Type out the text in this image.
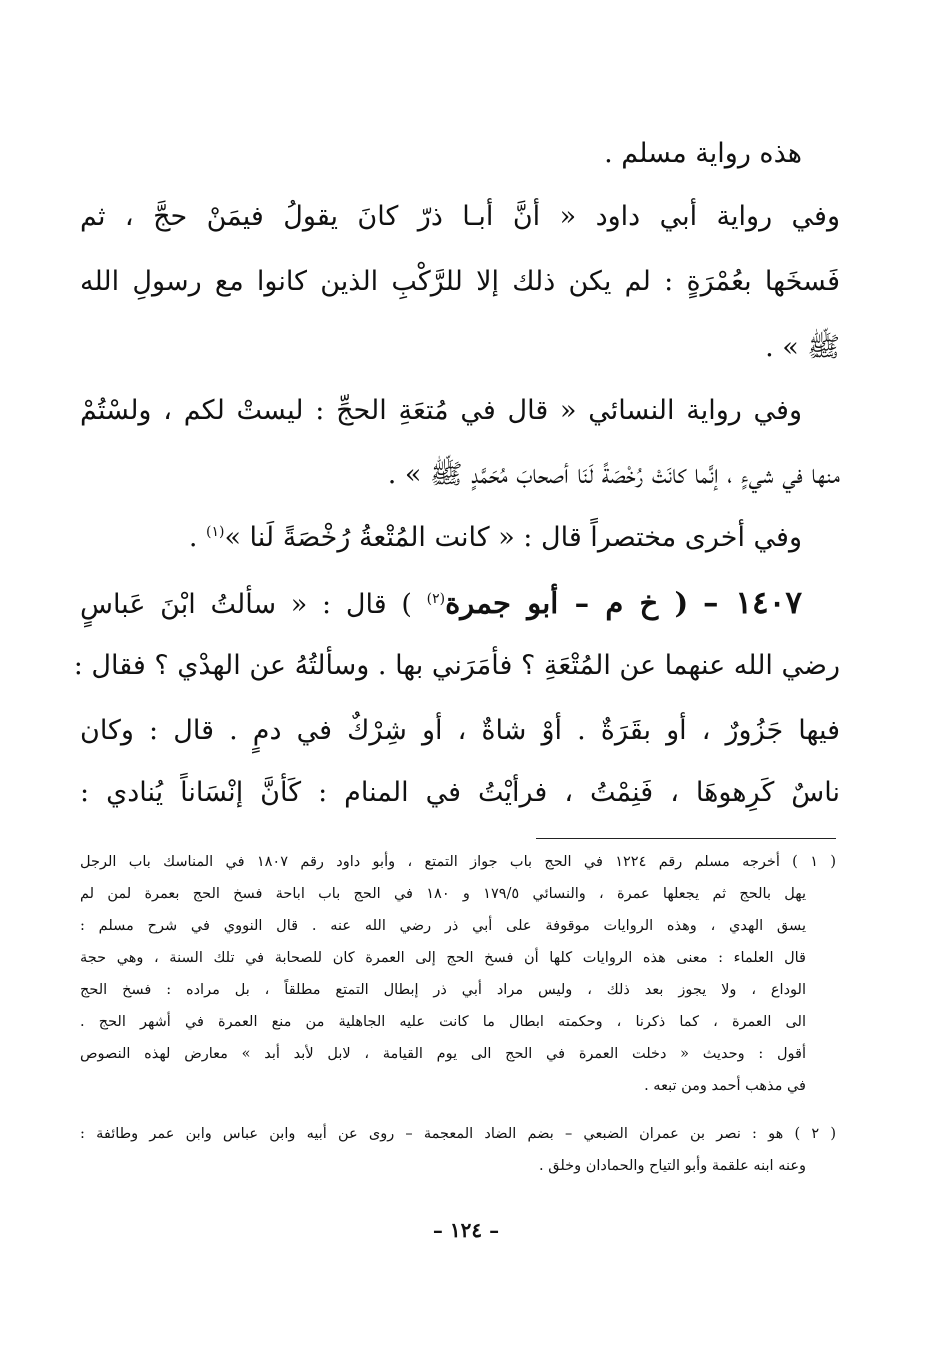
هذه رواية مسلم .
وفي رواية أبي داود « أنَّ أبـا ذرّ كانَ يقولُ فيمَنْ حجَّ ، ثم
فَسخَها بعُمْرَةٍ : لم يكن ذلك إلا للرَّكْبِ الذين كانوا مع رسولِ الله
ﷺ » .
وفي رواية النسائي « قال في مُتعَةِ الحجِّ : ليستْ لكم ، ولسْتُمْ
منها في شيءٍ ، إنَّما كانَتْ رُخْصَةً لَنَا أصحابَ مُحَمَّدٍ ﷺ » .
وفي أخرى مختصراً قال : « كانت المُتْعةُ رُخْصَةً لَنا »$^{(١)}$ .
١٤٠٧ – ( خ م – أبو جمرة$^{(٢)}$ ) قال : « سألتُ ابْنَ عَباسٍ
رضي الله عنهما عن المُتْعَةِ ؟ فأمَرَني بها . وسألتُهُ عن الهدْي ؟ فقال :
فيها جَزُورٌ ، أو بقَرَةٌ . أوْ شاةٌ ، أو شِرْكٌ في دمٍ . قال : وكان
ناسٌ كَرِهوهَا ، فَنِمْتُ ، فرأيْتُ في المنام : كَأنَّ إنْسَاناً يُنادي :
( ١ ) أخرجه مسلم رقم ١٢٢٤ في الحج باب جواز التمتع ، وأبو داود رقم ١٨٠٧ في المناسك باب الرجل
يهل بالحج ثم يجعلها عمرة ، والنسائي ١٧٩/٥ و ١٨٠ في الحج باب اباحة فسخ الحج بعمرة لمن لم
يسق الهدي ، وهذه الروايات موقوفة على أبي ذر رضي الله عنه . قال النووي في شرح مسلم :
قال العلماء : معنى هذه الروايات كلها أن فسخ الحج إلى العمرة كان للصحابة في تلك السنة ، وهي حجة
الوداع ، ولا يجوز بعد ذلك ، وليس مراد أبي ذر إبطال التمتع مطلقاً ، بل مراده : فسخ الحج
الى العمرة ، كما ذكرنا ، وحكمته ابطال ما كانت عليه الجاهلية من منع العمرة في أشهر الحج .
أقول : وحديث « دخلت العمرة في الحج الى يوم القيامة ، لابل لأبد أبد » معارض لهذه النصوص
في مذهب أحمد ومن تبعه .
( ٢ ) هو : نصر بن عمران الضبعي – بضم الضاد المعجمة – روى عن أبيه وابن عباس وابن عمر وطائفة :
وعنه ابنه علقمة وأبو التياح والحمادان وخلق .
– ١٢٤ –
